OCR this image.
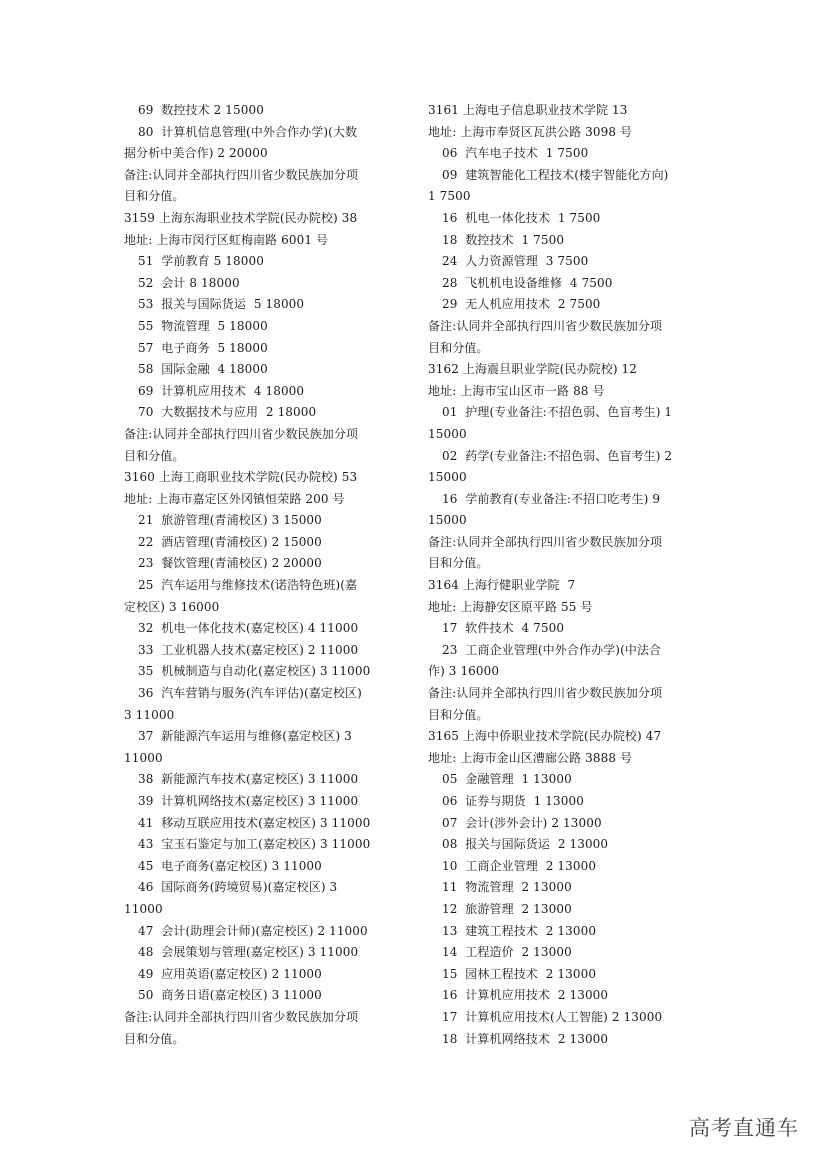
69  数控技术 2 15000
80  计算机信息管理(中外合作办学)(大数
据分析中美合作) 2 20000
备注:认同并全部执行四川省少数民族加分项
目和分值。
3159 上海东海职业技术学院(民办院校) 38
地址: 上海市闵行区虹梅南路 6001 号
51  学前教育 5 18000
52  会计 8 18000
53  报关与国际货运  5 18000
55  物流管理  5 18000
57  电子商务  5 18000
58  国际金融  4 18000
69  计算机应用技术  4 18000
70  大数据技术与应用  2 18000
备注:认同并全部执行四川省少数民族加分项
目和分值。
3160 上海工商职业技术学院(民办院校) 53
地址: 上海市嘉定区外冈镇恒荣路 200 号
21  旅游管理(青浦校区) 3 15000
22  酒店管理(青浦校区) 2 15000
23  餐饮管理(青浦校区) 2 20000
25  汽车运用与维修技术(诺浩特色班)(嘉
定校区) 3 16000
32  机电一体化技术(嘉定校区) 4 11000
33  工业机器人技术(嘉定校区) 2 11000
35  机械制造与自动化(嘉定校区) 3 11000
36  汽车营销与服务(汽车评估)(嘉定校区)
3 11000
37  新能源汽车运用与维修(嘉定校区) 3
11000
38  新能源汽车技术(嘉定校区) 3 11000
39  计算机网络技术(嘉定校区) 3 11000
41  移动互联应用技术(嘉定校区) 3 11000
43  宝玉石鉴定与加工(嘉定校区) 3 11000
45  电子商务(嘉定校区) 3 11000
46  国际商务(跨境贸易)(嘉定校区) 3
11000
47  会计(助理会计师)(嘉定校区) 2 11000
48  会展策划与管理(嘉定校区) 3 11000
49  应用英语(嘉定校区) 2 11000
50  商务日语(嘉定校区) 3 11000
备注:认同并全部执行四川省少数民族加分项
目和分值。
3161 上海电子信息职业技术学院 13
地址: 上海市奉贤区瓦洪公路 3098 号
06  汽车电子技术  1 7500
09  建筑智能化工程技术(楼宇智能化方向)
1 7500
16  机电一体化技术  1 7500
18  数控技术  1 7500
24  人力资源管理  3 7500
28  飞机机电设备维修  4 7500
29  无人机应用技术  2 7500
备注:认同并全部执行四川省少数民族加分项
目和分值。
3162 上海震旦职业学院(民办院校) 12
地址: 上海市宝山区市一路 88 号
01  护理(专业备注:不招色弱、色盲考生) 1
15000
02  药学(专业备注:不招色弱、色盲考生) 2
15000
16  学前教育(专业备注:不招口吃考生) 9
15000
备注:认同并全部执行四川省少数民族加分项
目和分值。
3164 上海行健职业学院  7
地址: 上海静安区原平路 55 号
17  软件技术  4 7500
23  工商企业管理(中外合作办学)(中法合
作) 3 16000
备注:认同并全部执行四川省少数民族加分项
目和分值。
3165 上海中侨职业技术学院(民办院校) 47
地址: 上海市金山区漕廊公路 3888 号
05  金融管理  1 13000
06  证券与期货  1 13000
07  会计(涉外会计) 2 13000
08  报关与国际货运  2 13000
10  工商企业管理  2 13000
11  物流管理  2 13000
12  旅游管理  2 13000
13  建筑工程技术  2 13000
14  工程造价  2 13000
15  园林工程技术  2 13000
16  计算机应用技术  2 13000
17  计算机应用技术(人工智能) 2 13000
18  计算机网络技术  2 13000
高考直通车
